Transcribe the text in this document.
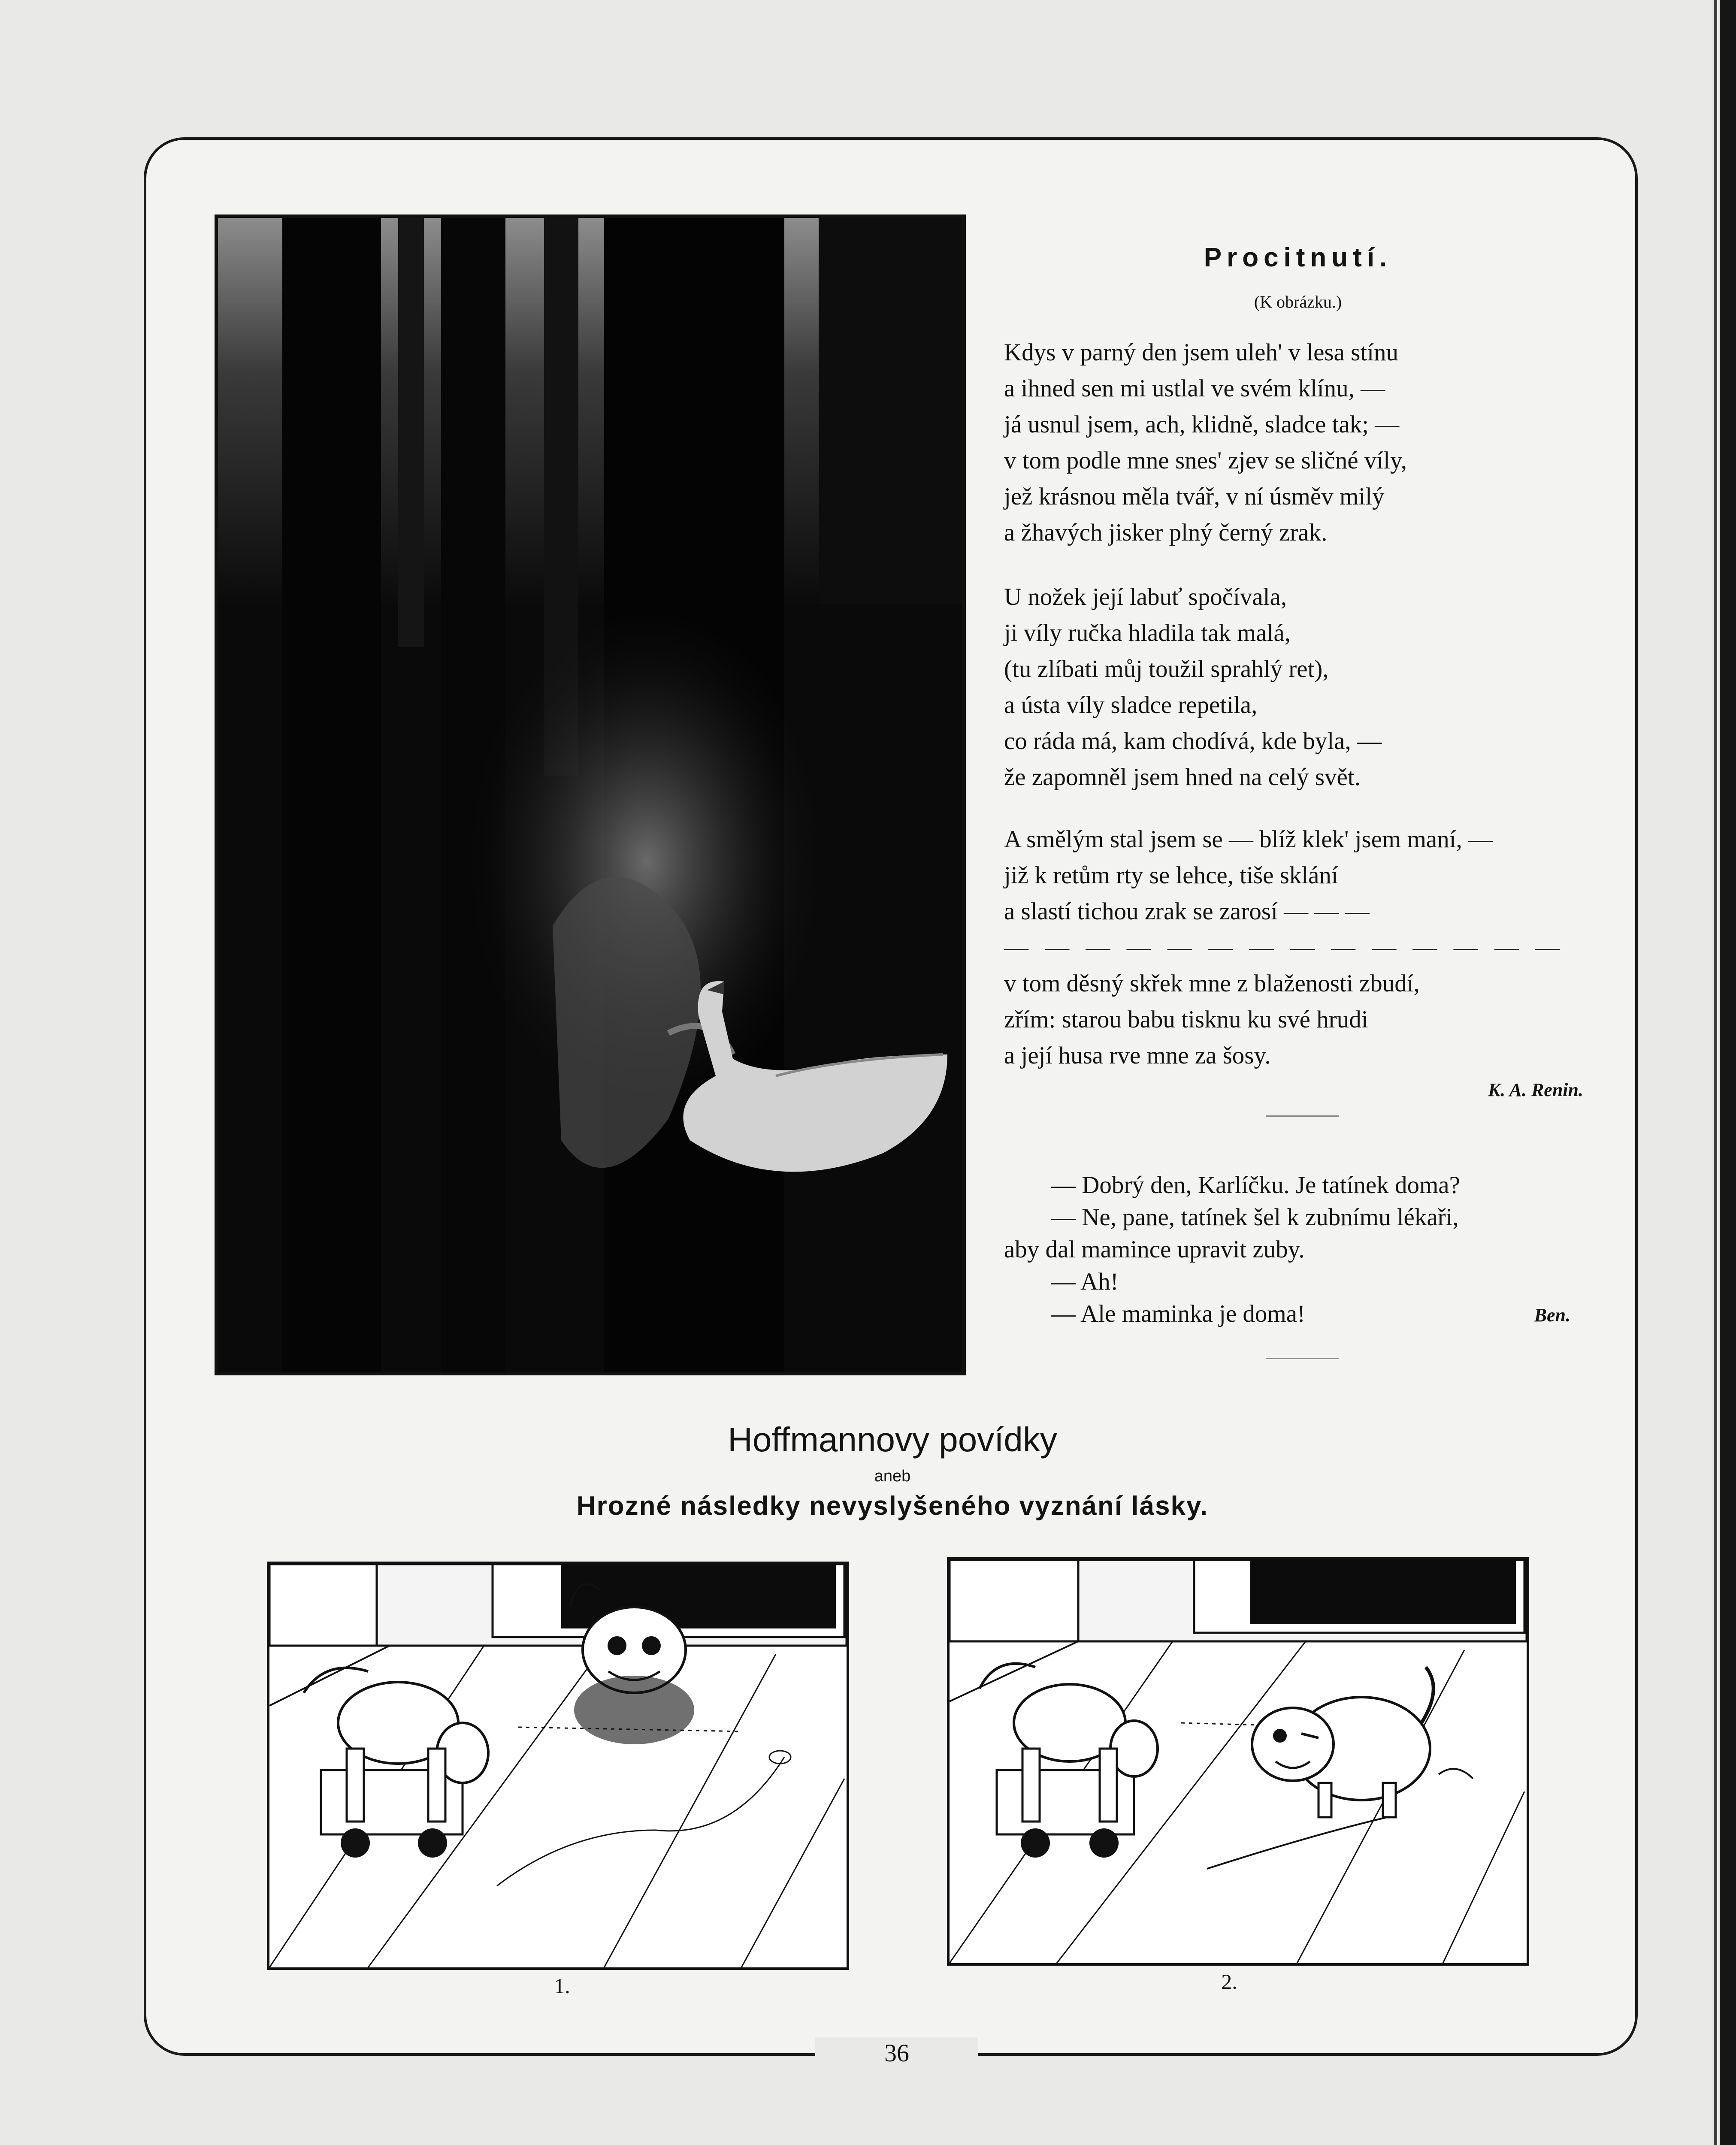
36
Procitnutí.
(K obrázku.)
Kdys v parný den jsem uleh' v lesa stínu
a ihned sen mi ustlal ve svém klínu, —
já usnul jsem, ach, klidně, sladce tak; —
v tom podle mne snes' zjev se sličné víly,
jež krásnou měla tvář, v ní úsměv milý
a žhavých jisker plný černý zrak.
U nožek její labuť spočívala,
ji víly ručka hladila tak malá,
(tu zlíbati můj toužil sprahlý ret),
a ústa víly sladce repetila,
co ráda má, kam chodívá, kde byla, —
že zapomněl jsem hned na celý svět.
A smělým stal jsem se — blíž klek' jsem maní, —
již k retům rty se lehce, tiše sklání
a slastí tichou zrak se zarosí — — —
— — — — — — — — — — — — — —
v tom děsný skřek mne z blaženosti zbudí,
zřím: starou babu tisknu ku své hrudi
a její husa rve mne za šosy.
K. A. Renin.
— Dobrý den, Karlíčku. Je tatínek doma?
— Ne, pane, tatínek šel k zubnímu lékaři,
aby dal mamince upravit zuby.
— Ah!
— Ale maminka je doma!	Ben.
Hoffmannovy povídky
aneb
Hrozné následky nevyslyšeného vyznání lásky.
1.	2.
